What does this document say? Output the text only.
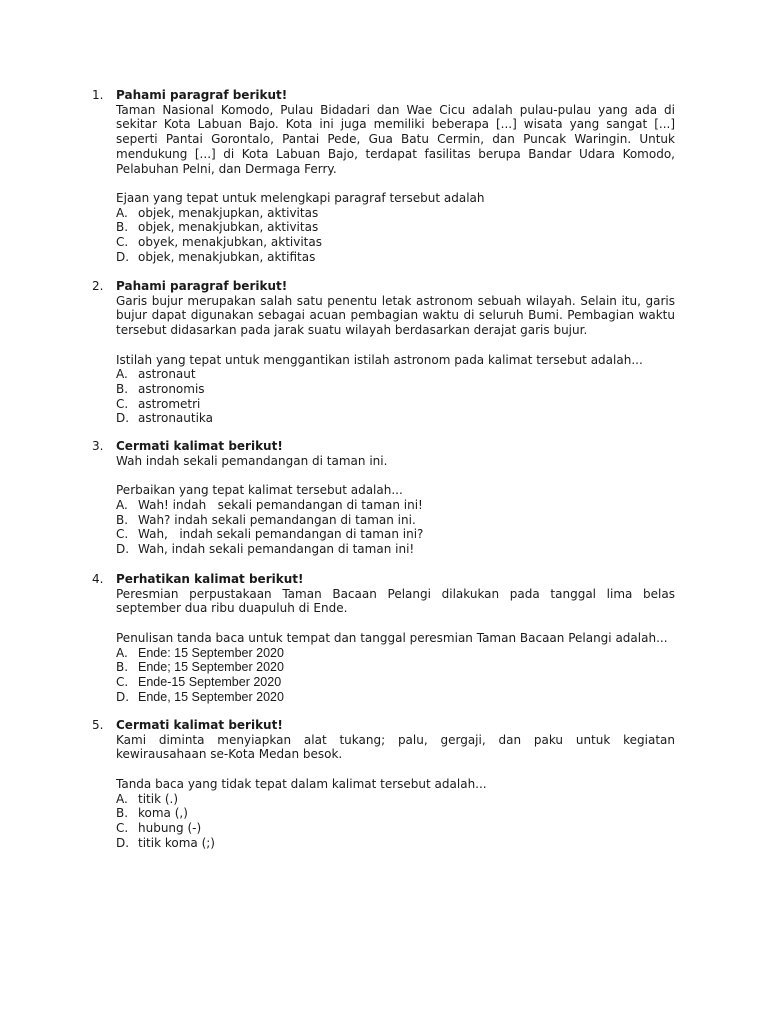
1.	Pahami paragraf berikut!
Taman Nasional Komodo, Pulau Bidadari dan Wae Cicu adalah pulau-pulau yang ada di sekitar Kota Labuan Bajo. Kota ini juga memiliki beberapa [...] wisata yang sangat [...] seperti Pantai Gorontalo, Pantai Pede, Gua Batu Cermin, dan Puncak Waringin. Untuk mendukung [...] di Kota Labuan Bajo, terdapat fasilitas berupa Bandar Udara Komodo, Pelabuhan Pelni, dan Dermaga Ferry.
Ejaan yang tepat untuk melengkapi paragraf tersebut adalah
A. objek, menakjupkan, aktivitas
B. objek, menakjubkan, aktivitas
C. obyek, menakjubkan, aktivitas
D. objek, menakjubkan, aktifitas
2.	Pahami paragraf berikut!
Garis bujur merupakan salah satu penentu letak astronom sebuah wilayah. Selain itu, garis bujur dapat digunakan sebagai acuan pembagian waktu di seluruh Bumi. Pembagian waktu tersebut didasarkan pada jarak suatu wilayah berdasarkan derajat garis bujur.
Istilah yang tepat untuk menggantikan istilah astronom pada kalimat tersebut adalah...
A. astronaut
B. astronomis
C. astrometri
D. astronautika
3.	Cermati kalimat berikut!
Wah indah sekali pemandangan di taman ini.
Perbaikan yang tepat kalimat tersebut adalah...
A. Wah! indah   sekali pemandangan di taman ini!
B. Wah? indah sekali pemandangan di taman ini.
C. Wah,   indah sekali pemandangan di taman ini?
D. Wah, indah sekali pemandangan di taman ini!
4.	Perhatikan kalimat berikut!
Peresmian perpustakaan Taman Bacaan Pelangi dilakukan pada tanggal lima belas september dua ribu duapuluh di Ende.
Penulisan tanda baca untuk tempat dan tanggal peresmian Taman Bacaan Pelangi adalah...
A. Ende: 15 September 2020
B. Ende; 15 September 2020
C. Ende-15 September 2020
D. Ende, 15 September 2020
5.	Cermati kalimat berikut!
Kami diminta menyiapkan alat tukang; palu, gergaji, dan paku untuk kegiatan kewirausahaan se-Kota Medan besok.
Tanda baca yang tidak tepat dalam kalimat tersebut adalah...
A. titik (.)
B. koma (,)
C. hubung (-)
D. titik koma (;)
